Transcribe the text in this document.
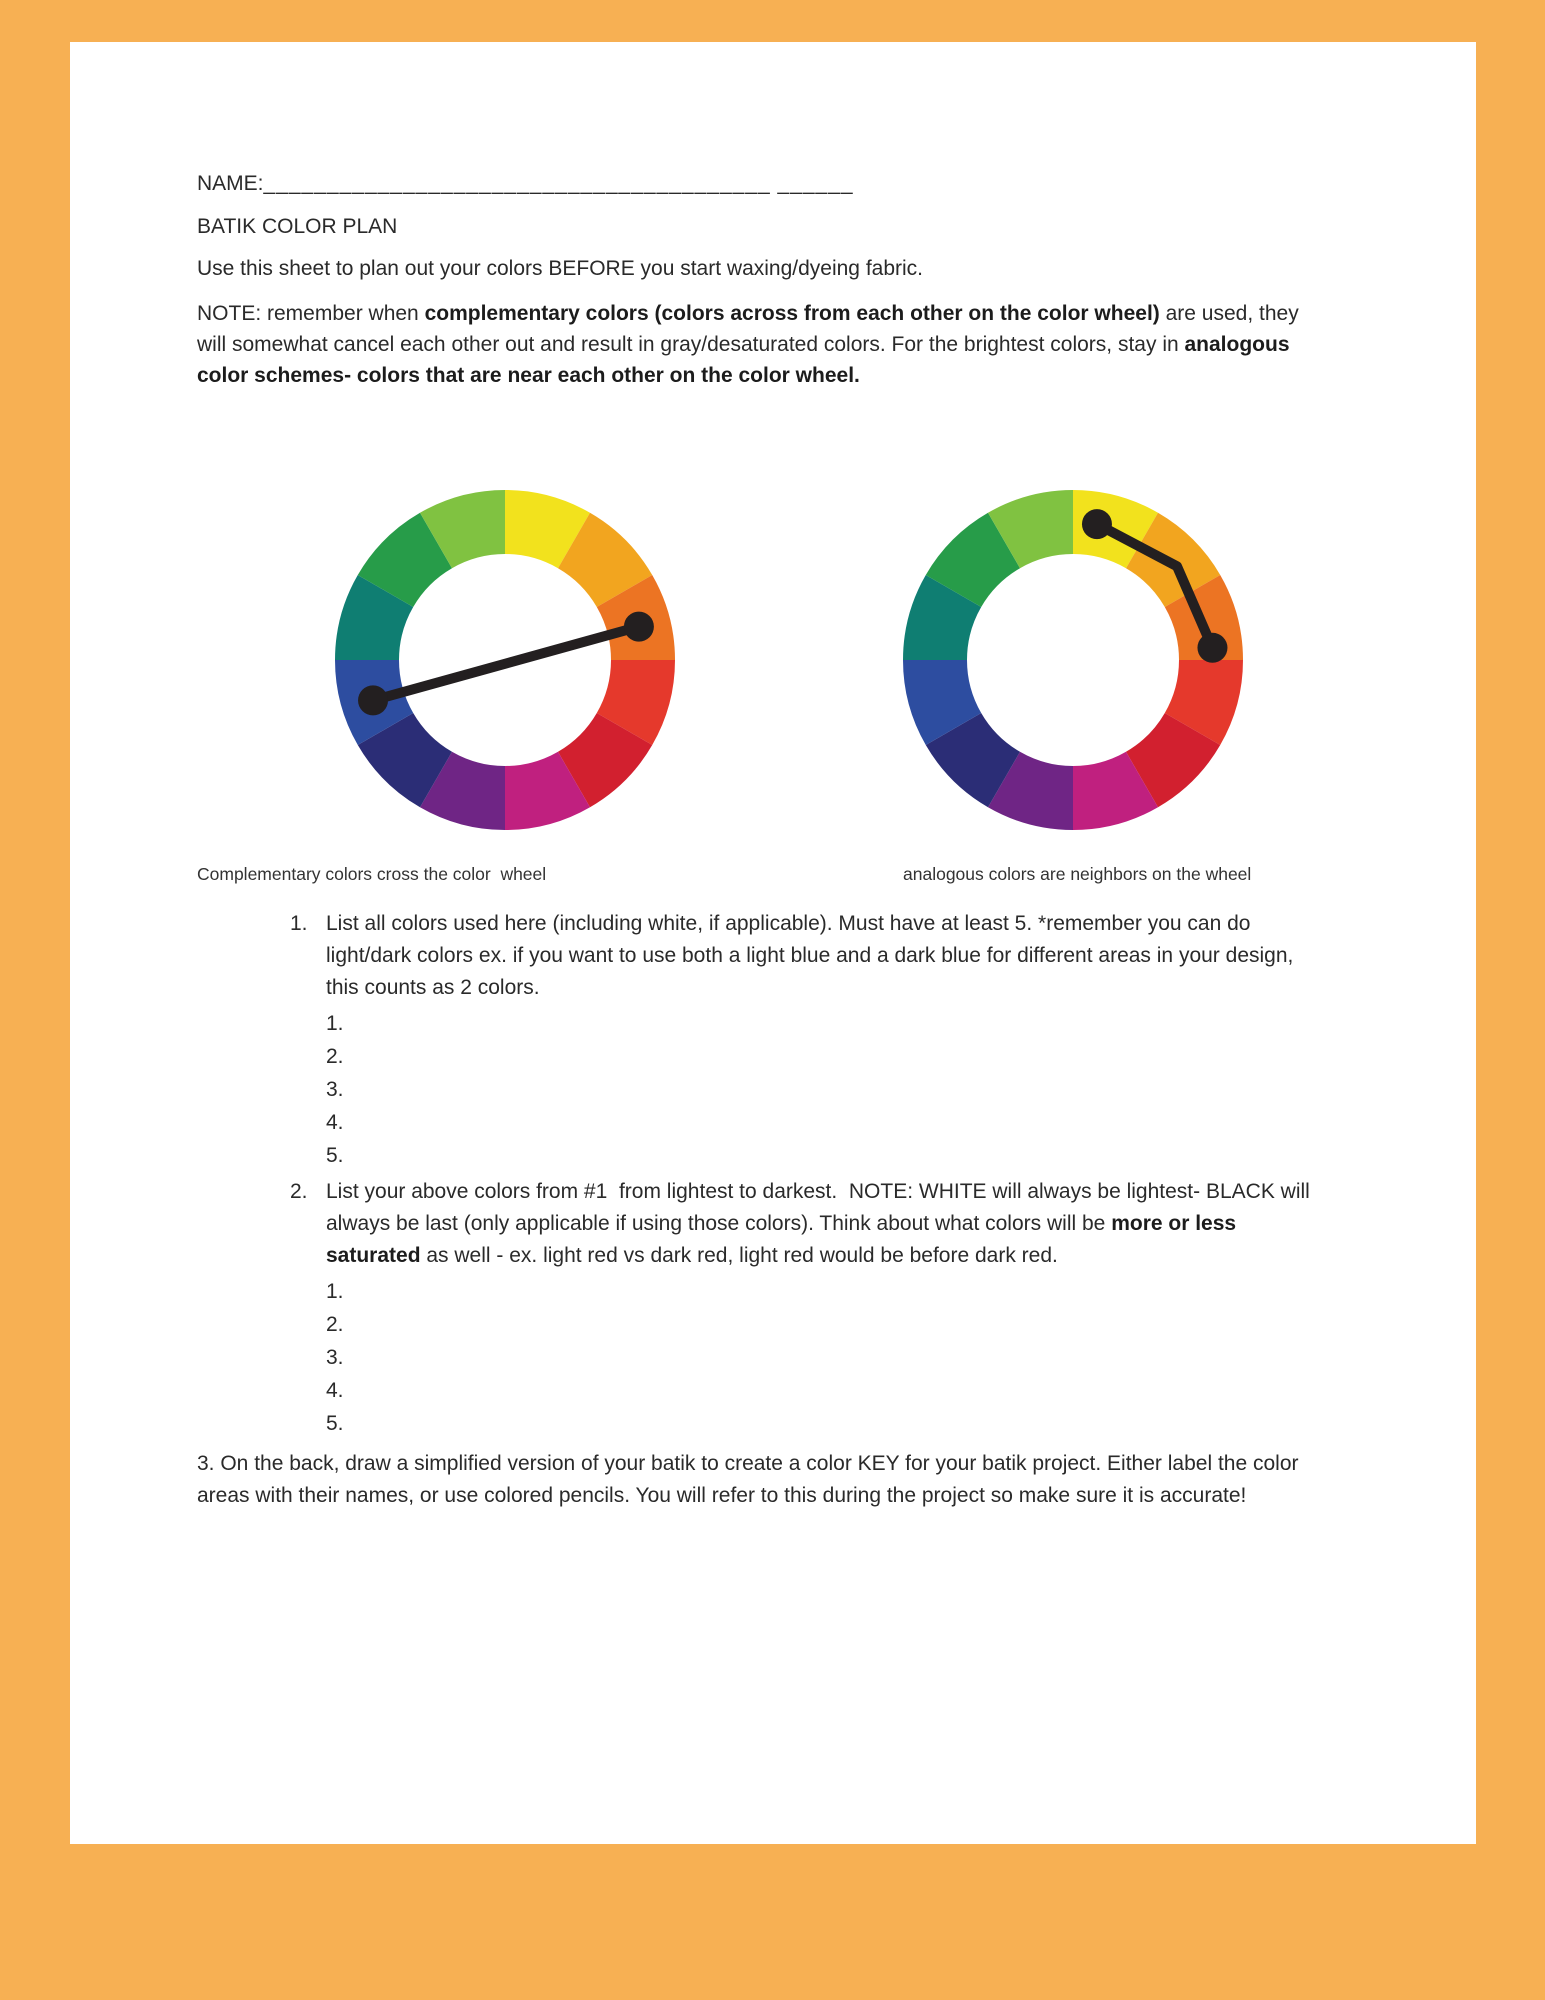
NAME:________________________________________ ______

BATIK COLOR PLAN

Use this sheet to plan out your colors BEFORE you start waxing/dyeing fabric.

NOTE: remember when complementary colors (colors across from each other on the color wheel) are used, they will somewhat cancel each other out and result in gray/desaturated colors. For the brightest colors, stay in analogous color schemes- colors that are near each other on the color wheel.

Complementary colors cross the color  wheel	analogous colors are neighbors on the wheel

1. List all colors used here (including white, if applicable). Must have at least 5. *remember you can do light/dark colors ex. if you want to use both a light blue and a dark blue for different areas in your design, this counts as 2 colors.
1.
2.
3.
4.
5.
2. List your above colors from #1  from lightest to darkest.  NOTE: WHITE will always be lightest- BLACK will always be last (only applicable if using those colors). Think about what colors will be more or less saturated as well - ex. light red vs dark red, light red would be before dark red.
1.
2.
3.
4.
5.

3. On the back, draw a simplified version of your batik to create a color KEY for your batik project. Either label the color areas with their names, or use colored pencils. You will refer to this during the project so make sure it is accurate!
